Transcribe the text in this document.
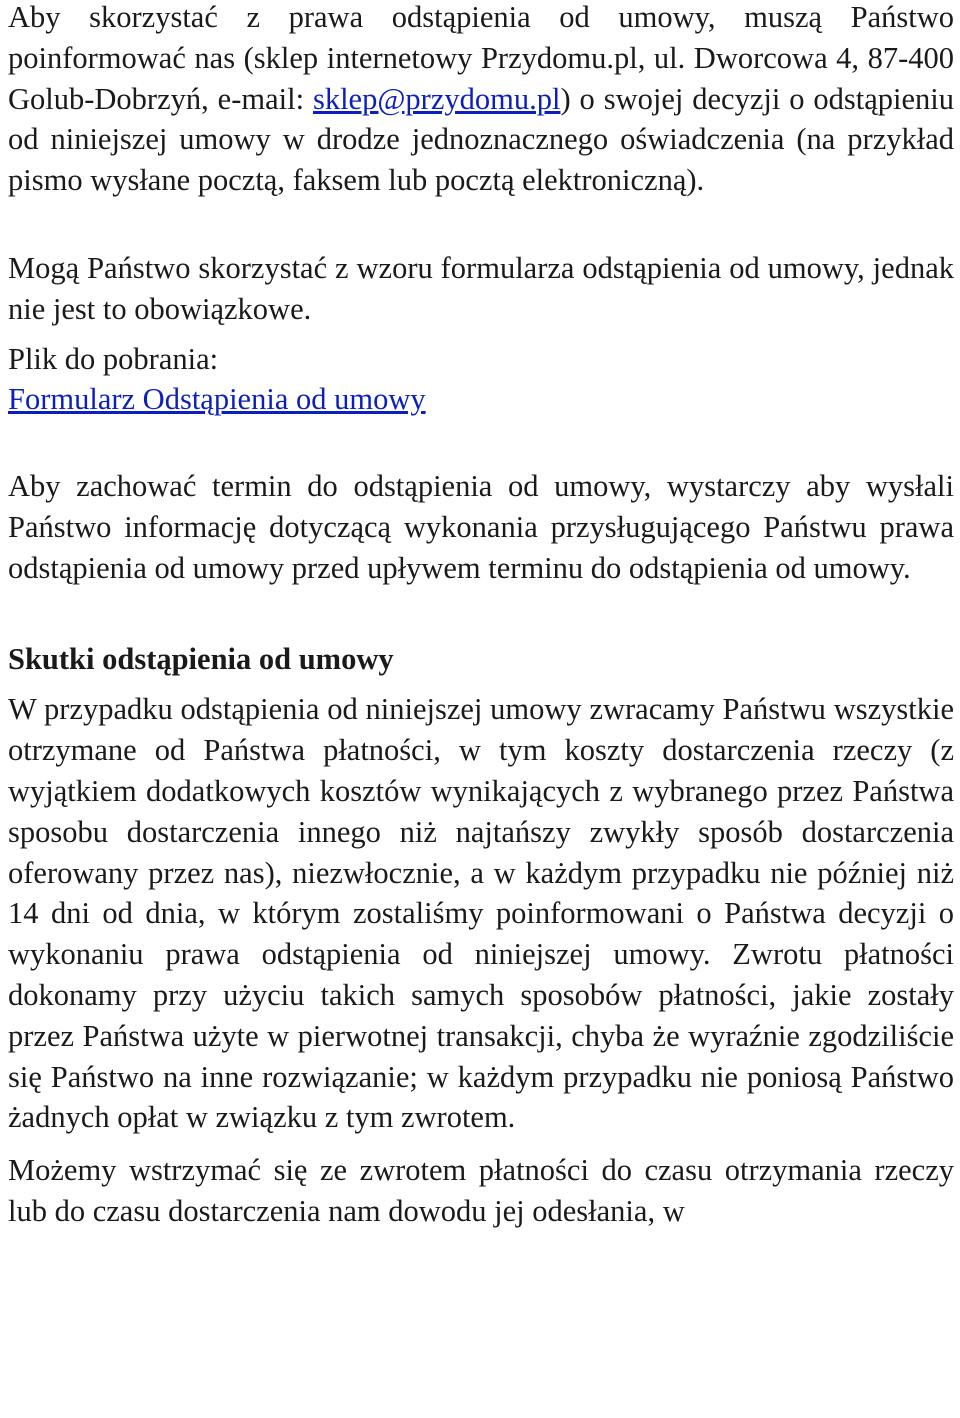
Aby skorzystać z prawa odstąpienia od umowy, muszą Państwo poinformować nas (sklep internetowy Przydomu.pl, ul. Dworcowa 4, 87-400 Golub-Dobrzyń, e-mail: sklep@przydomu.pl) o swojej decyzji o odstąpieniu od niniejszej umowy w drodze jednoznacznego oświadczenia (na przykład pismo wysłane pocztą, faksem lub pocztą elektroniczną).

Mogą Państwo skorzystać z wzoru formularza odstąpienia od umowy, jednak nie jest to obowiązkowe.

Plik do pobrania:
Formularz Odstąpienia od umowy

Aby zachować termin do odstąpienia od umowy, wystarczy aby wysłali Państwo informację dotyczącą wykonania przysługującego Państwu prawa odstąpienia od umowy przed upływem terminu do odstąpienia od umowy.

Skutki odstąpienia od umowy

W przypadku odstąpienia od niniejszej umowy zwracamy Państwu wszystkie otrzymane od Państwa płatności, w tym koszty dostarczenia rzeczy (z wyjątkiem dodatkowych kosztów wynikających z wybranego przez Państwa sposobu dostarczenia innego niż najtańszy zwykły sposób dostarczenia oferowany przez nas), niezwłocznie, a w każdym przypadku nie później niż 14 dni od dnia, w którym zostaliśmy poinformowani o Państwa decyzji o wykonaniu prawa odstąpienia od niniejszej umowy. Zwrotu płatności dokonamy przy użyciu takich samych sposobów płatności, jakie zostały przez Państwa użyte w pierwotnej transakcji, chyba że wyraźnie zgodziliście się Państwo na inne rozwiązanie; w każdym przypadku nie poniosą Państwo żadnych opłat w związku z tym zwrotem.

Możemy wstrzymać się ze zwrotem płatności do czasu otrzymania rzeczy lub do czasu dostarczenia nam dowodu jej odesłania, w
